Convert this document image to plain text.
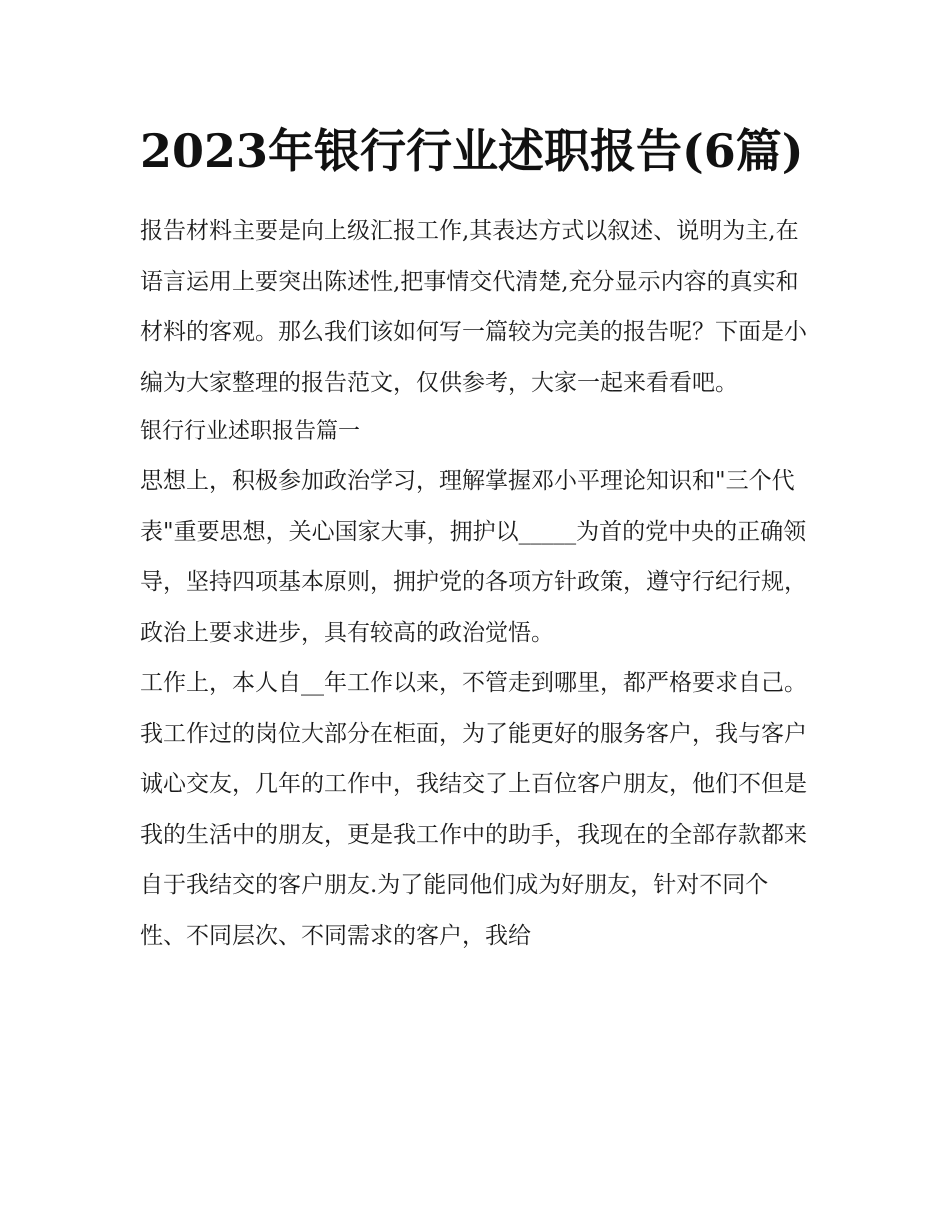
2023年银行行业述职报告(6篇)

报告材料主要是向上级汇报工作,其表达方式以叙述、说明为主,在语言运用上要突出陈述性,把事情交代清楚,充分显示内容的真实和材料的客观。那么我们该如何写一篇较为完美的报告呢？下面是小编为大家整理的报告范文，仅供参考，大家一起来看看吧。

银行行业述职报告篇一

思想上，积极参加政治学习，理解掌握邓小平理论知识和"三个代表"重要思想，关心国家大事，拥护以_____为首的党中央的正确领导，坚持四项基本原则，拥护党的各项方针政策，遵守行纪行规，政治上要求进步，具有较高的政治觉悟。

工作上，本人自__年工作以来，不管走到哪里，都严格要求自己。我工作过的岗位大部分在柜面，为了能更好的服务客户，我与客户诚心交友，几年的工作中，我结交了上百位客户朋友，他们不但是我的生活中的朋友，更是我工作中的助手，我现在的全部存款都来自于我结交的客户朋友.为了能同他们成为好朋友，针对不同个性、不同层次、不同需求的客户，我给
